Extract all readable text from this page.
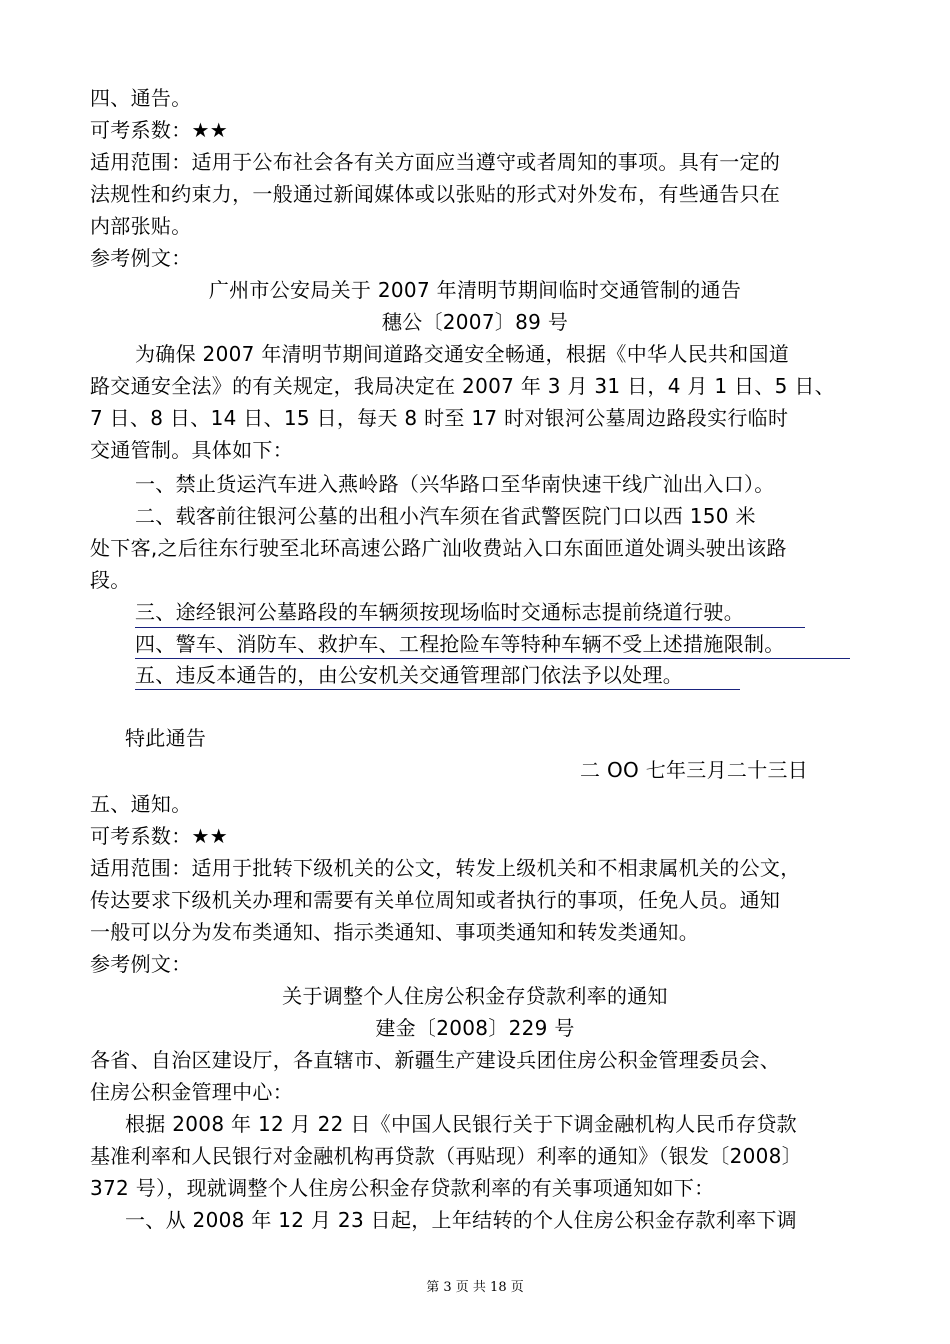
四、通告。
可考系数：★★
适用范围：适用于公布社会各有关方面应当遵守或者周知的事项。具有一定的
法规性和约束力，一般通过新闻媒体或以张贴的形式对外发布，有些通告只在
内部张贴。
参考例文：
广州市公安局关于 2007 年清明节期间临时交通管制的通告
穗公〔2007〕89 号
为确保 2007 年清明节期间道路交通安全畅通，根据《中华人民共和国道
路交通安全法》的有关规定，我局决定在 2007 年 3 月 31 日，4 月 1 日、5 日、
7 日、8 日、14 日、15 日，每天 8 时至 17 时对银河公墓周边路段实行临时
交通管制。具体如下：
一、禁止货运汽车进入燕岭路（兴华路口至华南快速干线广汕出入口）。
二、载客前往银河公墓的出租小汽车须在省武警医院门口以西 150 米
处下客,之后往东行驶至北环高速公路广汕收费站入口东面匝道处调头驶出该路
段。
三、途经银河公墓路段的车辆须按现场临时交通标志提前绕道行驶。
四、警车、消防车、救护车、工程抢险车等特种车辆不受上述措施限制。
五、违反本通告的，由公安机关交通管理部门依法予以处理。
特此通告
二 OO 七年三月二十三日
五、通知。
可考系数：★★
适用范围：适用于批转下级机关的公文，转发上级机关和不相隶属机关的公文，
传达要求下级机关办理和需要有关单位周知或者执行的事项，任免人员。通知
一般可以分为发布类通知、指示类通知、事项类通知和转发类通知。
参考例文：
关于调整个人住房公积金存贷款利率的通知
建金〔2008〕229 号
各省、自治区建设厅，各直辖市、新疆生产建设兵团住房公积金管理委员会、
住房公积金管理中心：
根据 2008 年 12 月 22 日《中国人民银行关于下调金融机构人民币存贷款
基准利率和人民银行对金融机构再贷款（再贴现）利率的通知》（银发〔2008〕
372 号），现就调整个人住房公积金存贷款利率的有关事项通知如下：
一、从 2008 年 12 月 23 日起，上年结转的个人住房公积金存款利率下调
第 3 页 共 18 页
